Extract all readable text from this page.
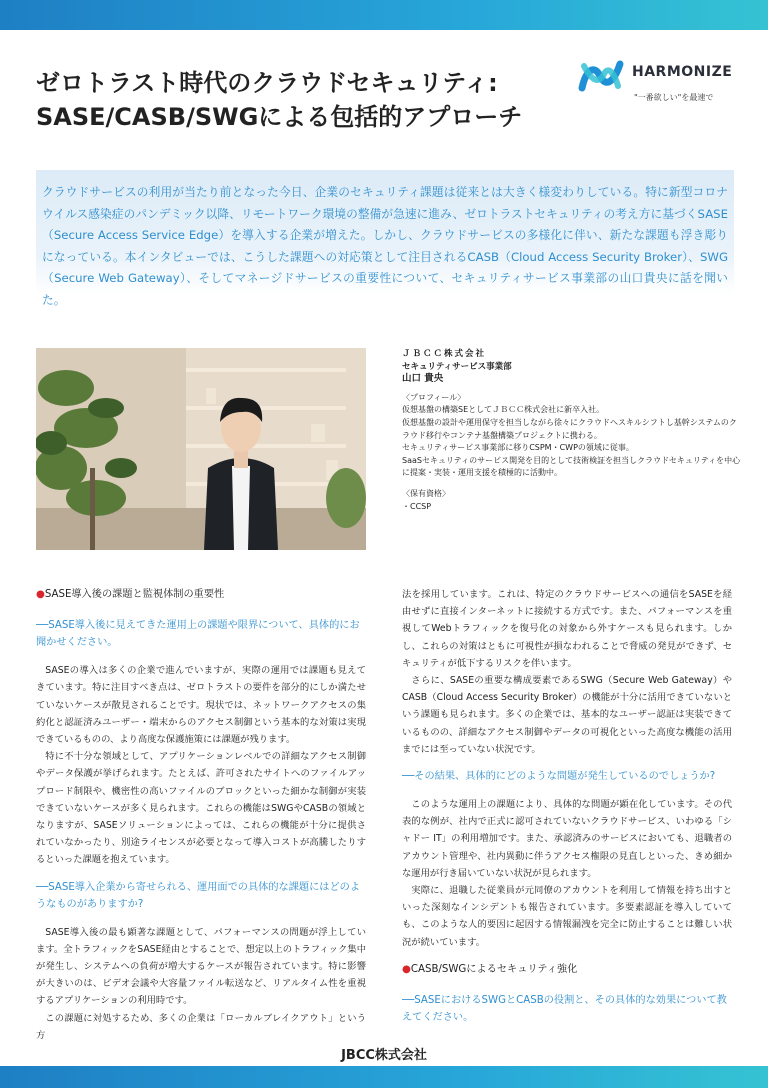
ゼロトラスト時代のクラウドセキュリティ:
SASE/CASB/SWGによる包括的アプローチ
HARMONIZE
"一番欲しい"を最速で

クラウドサービスの利用が当たり前となった今日、企業のセキュリティ課題は従来とは大きく様変わりしている。特に新型コロナウイルス感染症のパンデミック以降、リモートワーク環境の整備が急速に進み、ゼロトラストセキュリティの考え方に基づくSASE（Secure Access Service Edge）を導入する企業が増えた。しかし、クラウドサービスの多様化に伴い、新たな課題も浮き彫りになっている。本インタビューでは、こうした課題への対応策として注目されるCASB（Cloud Access Security Broker）、SWG（Secure Web Gateway）、そしてマネージドサービスの重要性について、セキュリティサービス事業部の山口貴央に話を聞いた。

ＪＢＣＣ株式会社
セキュリティサービス事業部
山口 貴央
〈プロフィール〉
仮想基盤の構築SEとしてＪＢＣＣ株式会社に新卒入社。
仮想基盤の設計や運用保守を担当しながら徐々にクラウドへスキルシフトし基幹システムのクラウド移行やコンテナ基盤構築プロジェクトに携わる。
セキュリティサービス事業部に移りCSPM・CWPの領域に従事。
SaaSセキュリティのサービス開発を目的として技術検証を担当しクラウドセキュリティを中心に提案・実装・運用支援を積極的に活動中。
〈保有資格〉
・CCSP
●SASE導入後の課題と監視体制の重要性
──SASE導入後に見えてきた運用上の課題や限界について、具体的にお聞かせください。

SASEの導入は多くの企業で進んでいますが、実際の運用では課題も見えてきています。特に注目すべき点は、ゼロトラストの要件を部分的にしか満たせていないケースが散見されることです。現状では、ネットワークアクセスの集約化と認証済みユーザー・端末からのアクセス制御という基本的な対策は実現できているものの、より高度な保護施策には課題が残ります。

特に不十分な領域として、アプリケーションレベルでの詳細なアクセス制御やデータ保護が挙げられます。たとえば、許可されたサイトへのファイルアップロード制限や、機密性の高いファイルのブロックといった細かな制御が実装できていないケースが多く見られます。これらの機能はSWGやCASBの領域となりますが、SASEソリューションによっては、これらの機能が十分に提供されていなかったり、別途ライセンスが必要となって導入コストが高騰したりするといった課題を抱えています。

──SASE導入企業から寄せられる、運用面での具体的な課題にはどのようなものがありますか?

SASE導入後の最も顕著な課題として、パフォーマンスの問題が浮上しています。全トラフィックをSASE経由とすることで、想定以上のトラフィック集中が発生し、システムへの負荷が増大するケースが報告されています。特に影響が大きいのは、ビデオ会議や大容量ファイル転送など、リアルタイム性を重視するアプリケーションの利用時です。

この課題に対処するため、多くの企業は「ローカルブレイクアウト」という方

法を採用しています。これは、特定のクラウドサービスへの通信をSASEを経由せずに直接インターネットに接続する方式です。また、パフォーマンスを重視してWebトラフィックを復号化の対象から外すケースも見られます。しかし、これらの対策はともに可視性が損なわれることで脅威の発見ができず、セキュリティが低下するリスクを伴います。

さらに、SASEの重要な構成要素であるSWG（Secure Web Gateway）やCASB（Cloud Access Security Broker）の機能が十分に活用できていないという課題も見られます。多くの企業では、基本的なユーザー認証は実装できているものの、詳細なアクセス制御やデータの可視化といった高度な機能の活用までには至っていない状況です。

──その結果、具体的にどのような問題が発生しているのでしょうか?

このような運用上の課題により、具体的な問題が顕在化しています。その代表的な例が、社内で正式に認可されていないクラウドサービス、いわゆる「シャドー IT」の利用増加です。また、承認済みのサービスにおいても、退職者のアカウント管理や、社内異動に伴うアクセス権限の見直しといった、きめ細かな運用が行き届いていない状況が見られます。

実際に、退職した従業員が元同僚のアカウントを利用して情報を持ち出すといった深刻なインシデントも報告されています。多要素認証を導入していても、このような人的要因に起因する情報漏洩を完全に防止することは難しい状況が続いています。

●CASB/SWGによるセキュリティ強化
──SASEにおけるSWGとCASBの役割と、その具体的な効果について教えてください。
JBCC株式会社
